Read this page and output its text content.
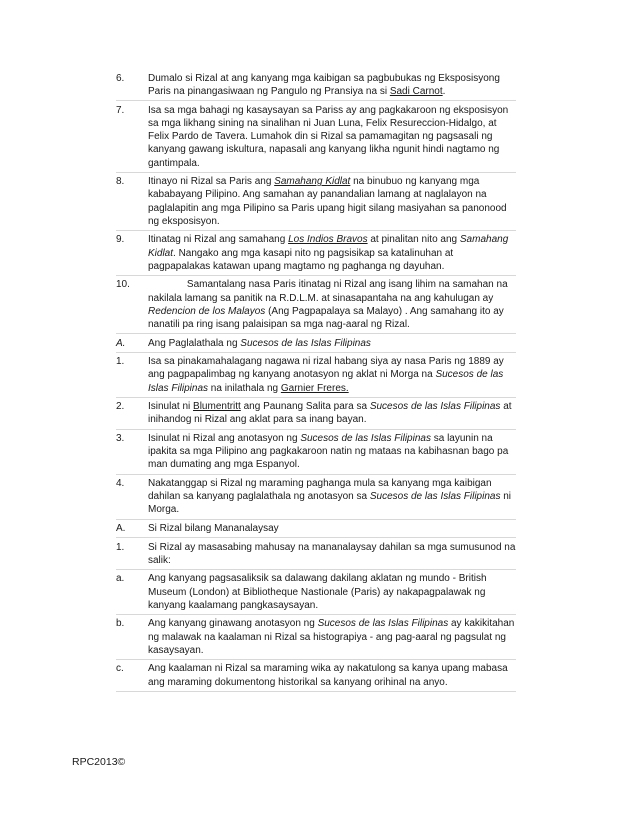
6. Dumalo si Rizal at ang kanyang mga kaibigan sa pagbubukas ng Eksposisyong Paris na pinangasiwaan ng Pangulo ng Pransiya na si Sadi Carnot.
7. Isa sa mga bahagi ng kasaysayan sa Pariss ay ang pagkakaroon ng eksposisyon sa mga likhang sining na sinalihan ni Juan Luna, Felix Resureccion-Hidalgo, at Felix Pardo de Tavera. Lumahok din si Rizal sa pamamagitan ng pagsasali ng kanyang gawang iskultura, napasali ang kanyang likha ngunit hindi nagtamo ng gantimpala.
8. Itinayo ni Rizal sa Paris ang Samahang Kidlat na binubuo ng kanyang mga kababayang Pilipino. Ang samahan ay panandalian lamang at naglalayon na paglalapitin ang mga Pilipino sa Paris upang higit silang masiyahan sa panonood ng eksposisyon.
9. Itinatag ni Rizal ang samahang Los Indios Bravos at pinalitan nito ang Samahang Kidlat. Nangako ang mga kasapi nito ng pagsisikap sa katalinuhan at pagpapalakas katawan upang magtamo ng paghanga ng dayuhan.
10. Samantalang nasa Paris itinatag ni Rizal ang isang lihim na samahan na nakilala lamang sa panitik na R.D.L.M. at sinasapantaha na ang kahulugan ay Redencion de los Malayos (Ang Pagpapalaya sa Malayo) . Ang samahang ito ay nanatili pa ring isang palaisipan sa mga nag-aaral ng Rizal.
A. Ang Paglalathala ng Sucesos de las Islas Filipinas
1. Isa sa pinakamahalagang nagawa ni rizal habang siya ay nasa Paris ng 1889 ay ang pagpapalimbag ng kanyang anotasyon ng aklat ni Morga na Sucesos de las Islas Filipinas na inilathala ng Garnier Freres.
2. Isinulat ni Blumentritt ang Paunang Salita para sa Sucesos de las Islas Filipinas at inihandog ni Rizal ang aklat para sa inang bayan.
3. Isinulat ni Rizal ang anotasyon ng Sucesos de las Islas Filipinas sa layunin na ipakita sa mga Pilipino ang pagkakaroon natin ng mataas na kabihasnan bago pa man dumating ang mga Espanyol.
4. Nakatanggap si Rizal ng maraming paghanga mula sa kanyang mga kaibigan dahilan sa kanyang paglalathala ng anotasyon sa Sucesos de las Islas Filipinas ni Morga.
A. Si Rizal bilang Mananalaysay
1. Si Rizal ay masasabing mahusay na mananalaysay dahilan sa mga sumusunod na salik:
a. Ang kanyang pagsasaliksik sa dalawang dakilang aklatan ng mundo - British Museum (London) at Bibliotheque Nastionale (Paris) ay nakapagpalawak ng kanyang kaalamang pangkasaysayan.
b. Ang kanyang ginawang anotasyon ng Sucesos de las Islas Filipinas ay kakikitahan ng malawak na kaalaman ni Rizal sa histograpiya - ang pag-aaral ng pagsulat ng kasaysayan.
c. Ang kaalaman ni Rizal sa maraming wika ay nakatulong sa kanya upang mabasa ang maraming dokumentong historikal sa kanyang orihinal na anyo.
RPC2013©
